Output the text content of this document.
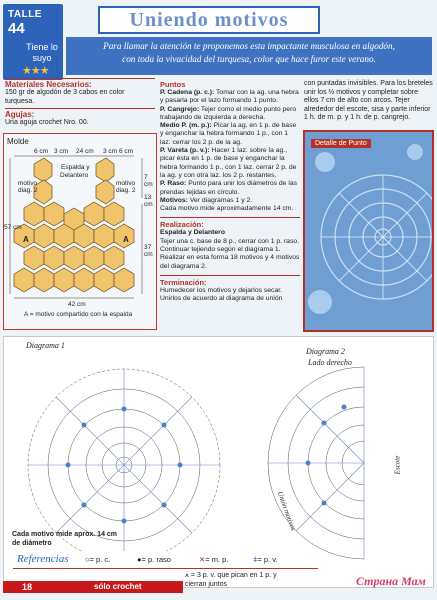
TALLE
44
Tiene lo suyo
★★★
Uniendo motivos
Para llamar la atención te proponemos esta impactante musculosa en algodón,
con toda la vivacidad del turquesa, color que hace furor este verano.
Materiales Necesarios:
150 gr de algodón de 3 cabos en color turquesa.
Agujas:
Una aguja crochet Nro. 00.
Molde
6 cm 3 cm 24 cm 3 cm 6 cm
Espalda y
Delantero
motivo diag. 2
motivo diag. 2
7 cm
13 cm
57 cm
37 cm
42 cm
A	A
A = motivo compartido con la espalda
Puntos
P. Cadena (p. c.): Tomar con la ag. una hebra y pasarla por el lazo formando 1 punto.
P. Cangrejo: Tejer como el medio punto pero trabajando de izquierda a derecha.
Medio P. (m. p.): Picar la ag. en 1 p. de base y enganchar la hebra formando 1 p., con 1 laz. cerrar los 2 p. de la ag.
P. Vareta (p. v.): Hacer 1 laz. sobre la ag., picar ésta en 1 p. de base y enganchar la hebra formando 1 p., con 1 laz. cerrar 2 p. de la ag. y con otra laz. los 2 p. restantes.
P. Raso: Punto para unir los diámetros de las prendas tejidas en círculo.
Motivos: Ver diagramas 1 y 2.
Cada motivo mide aproximadamente 14 cm.
Realización:
Espalda y Delantero
Tejer una c. base de 8 p., cerrar con 1 p. raso. Continuar tejiendo según el diagrama 1. Realizar en esta forma 18 motivos y 4 motivos del diagrama 2.
Terminación:
Humedecer los motivos y dejarlos secar. Unirlos de acuerdo al diagrama de unión
con puntadas invisibles. Para los breteles unir los ½ motivos y completar sobre ellos 7 cm de alto con arcos. Tejer alrededor del escote, sisa y parte inferior 1 h. de m. p. y 1 h. de p. cangrejo.
Detalle de Punto
Diagrama 1
Diagrama 2
Lado derecho
Escote
Unión motivos
Cada motivo mide aprox. 14 cm de diámetro
Referencias ○= p. c.	●= p. raso	✕= m. p.	ǂ= p. v.
⩚ = 3 p. v. que pican en 1 p. y cierran juntos
18	sólo crochet	Страна Мам
